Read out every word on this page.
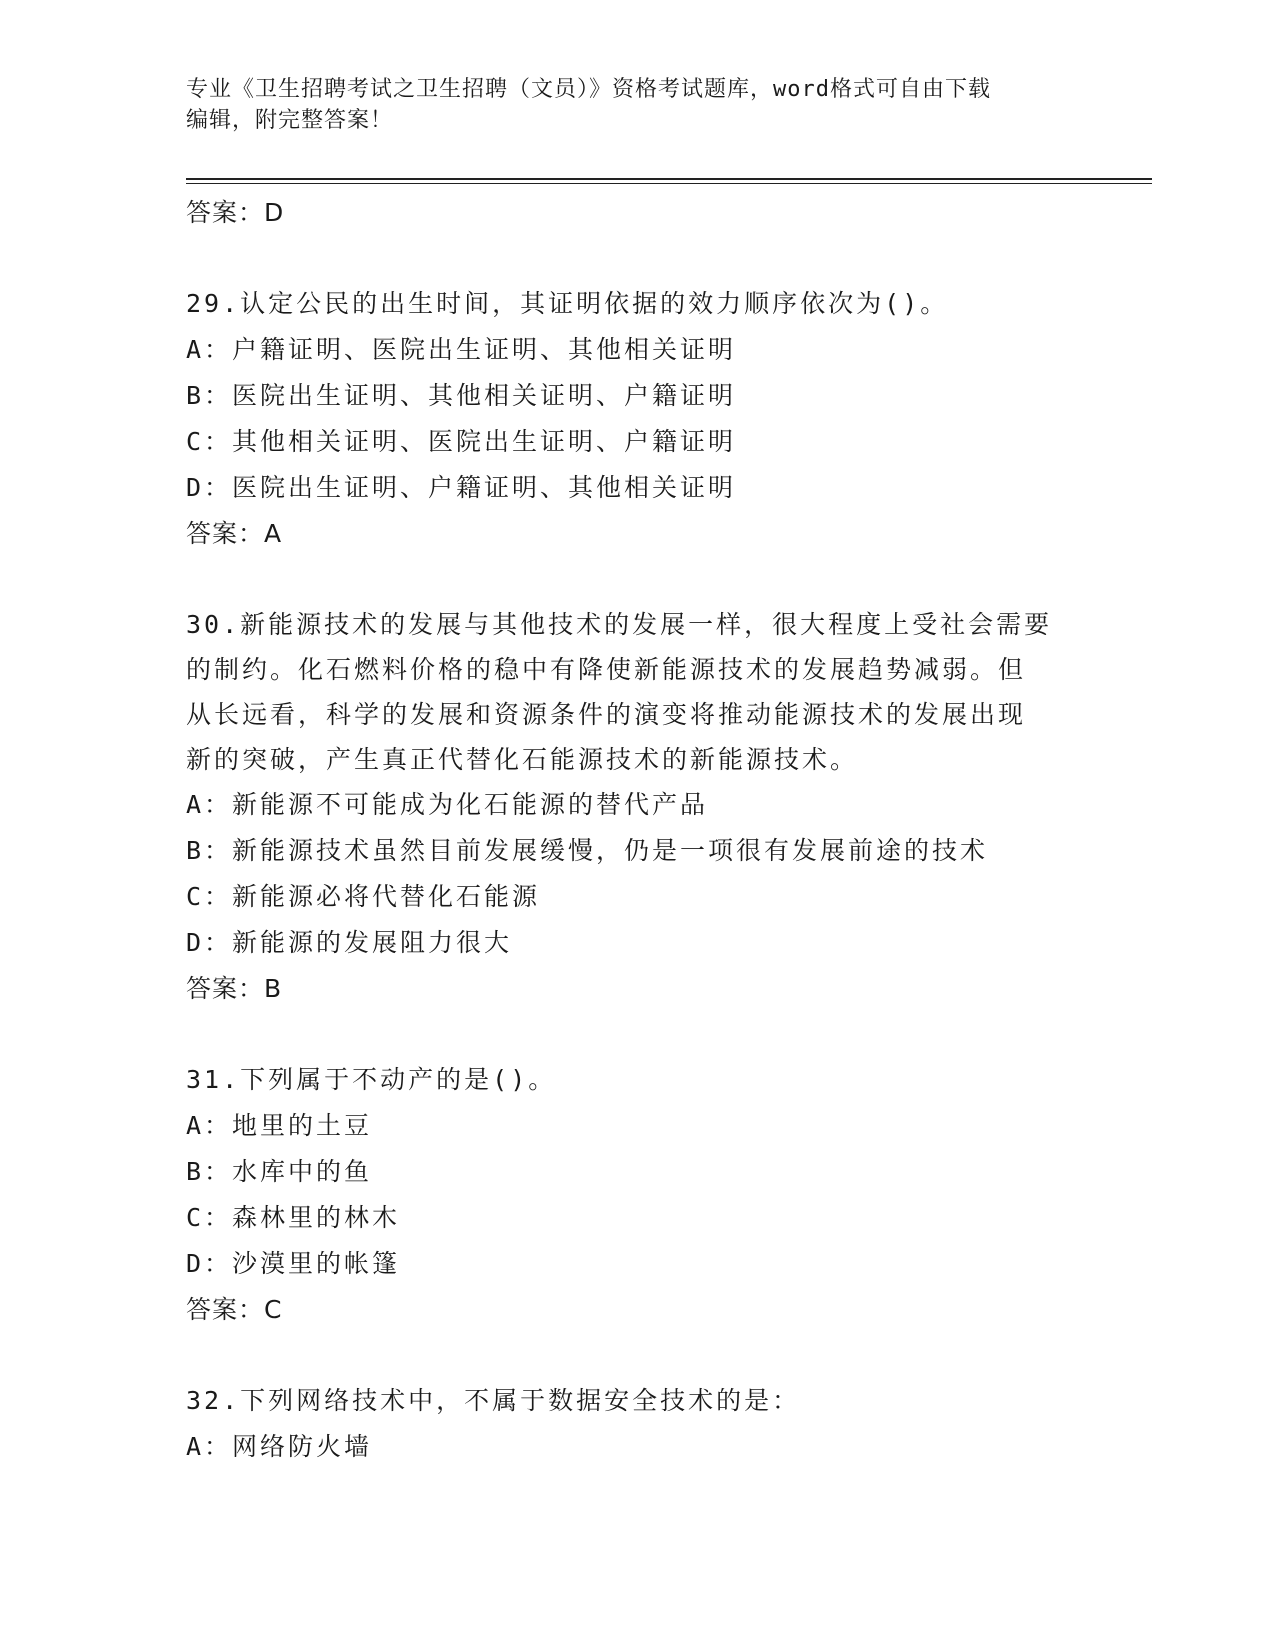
专业《卫生招聘考试之卫生招聘（文员）》资格考试题库，word格式可自由下载
编辑，附完整答案！
答案：D
29.认定公民的出生时间，其证明依据的效力顺序依次为()。
A：户籍证明、医院出生证明、其他相关证明
B：医院出生证明、其他相关证明、户籍证明
C：其他相关证明、医院出生证明、户籍证明
D：医院出生证明、户籍证明、其他相关证明
答案：A
30.新能源技术的发展与其他技术的发展一样，很大程度上受社会需要
的制约。化石燃料价格的稳中有降使新能源技术的发展趋势减弱。但
从长远看，科学的发展和资源条件的演变将推动能源技术的发展出现
新的突破，产生真正代替化石能源技术的新能源技术。
A：新能源不可能成为化石能源的替代产品
B：新能源技术虽然目前发展缓慢，仍是一项很有发展前途的技术
C：新能源必将代替化石能源
D：新能源的发展阻力很大
答案：B
31.下列属于不动产的是()。
A：地里的土豆
B：水库中的鱼
C：森林里的林木
D：沙漠里的帐篷
答案：C
32.下列网络技术中，不属于数据安全技术的是：
A：网络防火墙
